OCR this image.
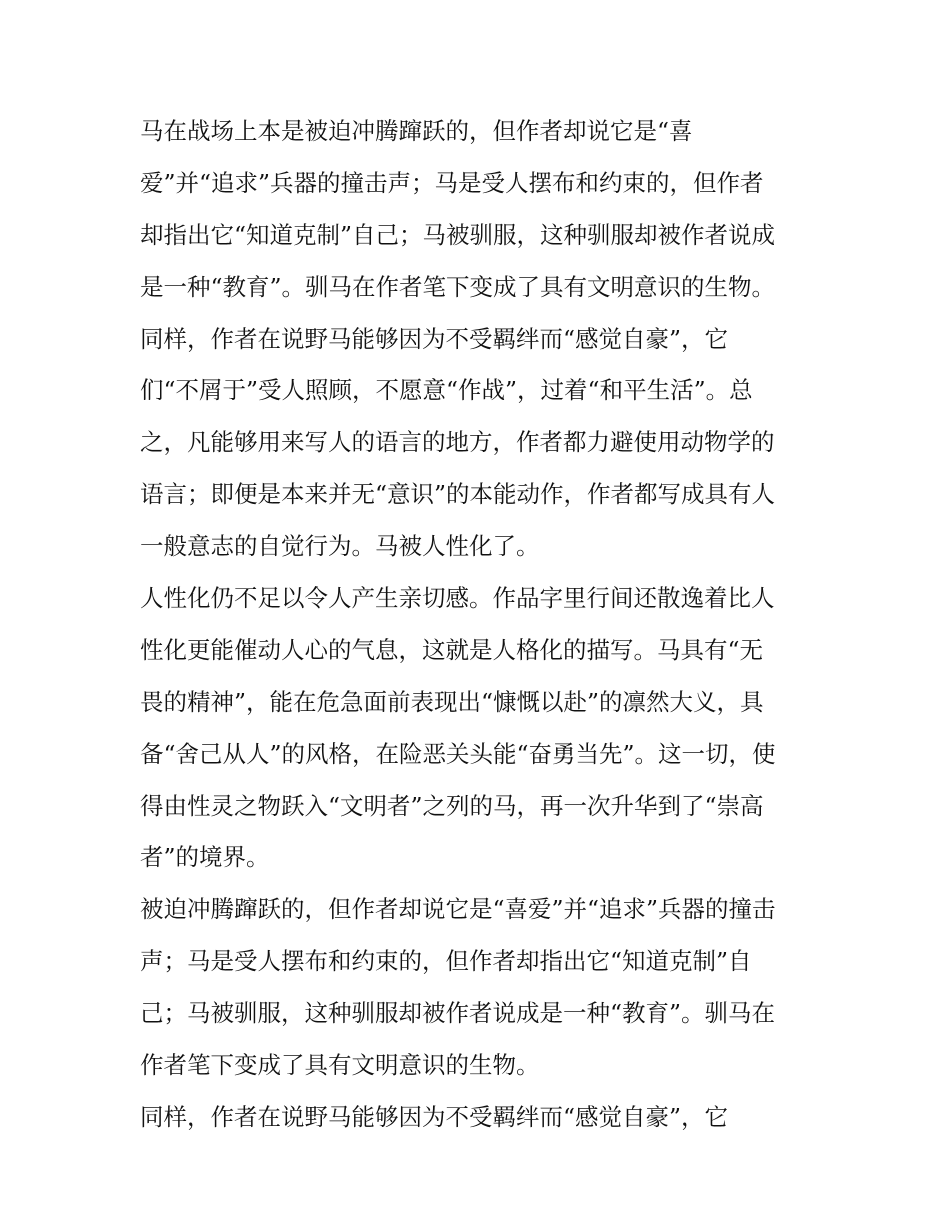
马在战场上本是被迫冲腾蹿跃的，但作者却说它是“喜
爱”并“追求”兵器的撞击声；马是受人摆布和约束的，但作者
却指出它“知道克制”自己；马被驯服，这种驯服却被作者说成
是一种“教育”。驯马在作者笔下变成了具有文明意识的生物。
同样，作者在说野马能够因为不受羁绊而“感觉自豪”，它
们“不屑于”受人照顾，不愿意“作战”，过着“和平生活”。总
之，凡能够用来写人的语言的地方，作者都力避使用动物学的
语言；即便是本来并无“意识”的本能动作，作者都写成具有人
一般意志的自觉行为。马被人性化了。
人性化仍不足以令人产生亲切感。作品字里行间还散逸着比人
性化更能催动人心的气息，这就是人格化的描写。马具有“无
畏的精神”，能在危急面前表现出“慷慨以赴”的凛然大义，具
备“舍己从人”的风格，在险恶关头能“奋勇当先”。这一切，使
得由性灵之物跃入“文明者”之列的马，再一次升华到了“崇高
者”的境界。
被迫冲腾蹿跃的，但作者却说它是“喜爱”并“追求”兵器的撞击
声；马是受人摆布和约束的，但作者却指出它“知道克制”自
己；马被驯服，这种驯服却被作者说成是一种“教育”。驯马在
作者笔下变成了具有文明意识的生物。
同样，作者在说野马能够因为不受羁绊而“感觉自豪”，它
